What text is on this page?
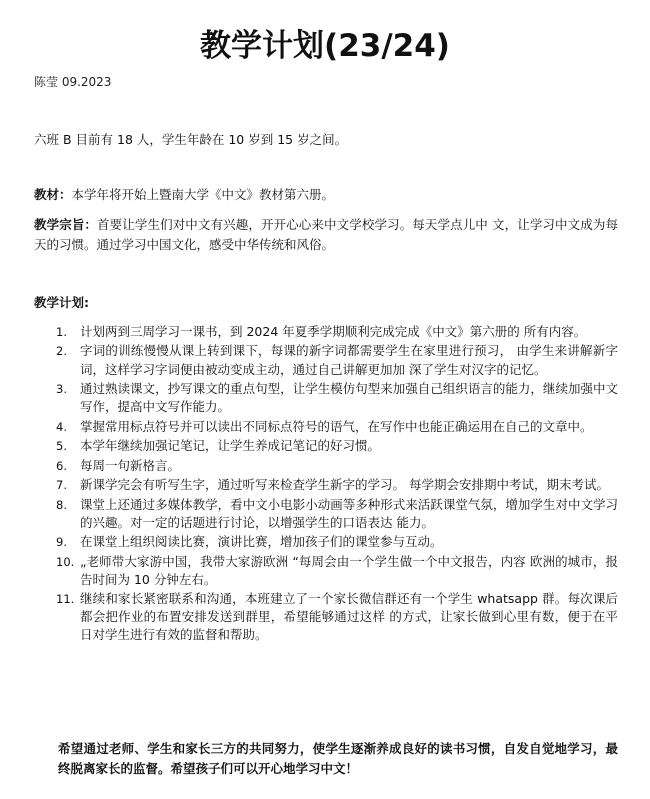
教学计划(23/24)
陈莹 09.2023
六班 B 目前有 18 人，学生年龄在 10 岁到 15 岁之间。
教材：本学年将开始上暨南大学《中文》教材第六册。
教学宗旨：首要让学生们对中文有兴趣，开开心心来中文学校学习。每天学点儿中 文，让学习中文成为每天的习惯。通过学习中国文化，感受中华传统和风俗。
教学计划:
1. 计划两到三周学习一课书，到 2024 年夏季学期顺利完成完成《中文》第六册的 所有内容。
2. 字词的训练慢慢从课上转到课下，每课的新字词都需要学生在家里进行预习， 由学生来讲解新字词，这样学习字词便由被动变成主动，通过自己讲解更加加 深了学生对汉字的记忆。
3. 通过熟读课文，抄写课文的重点句型，让学生模仿句型来加强自己组织语言的能力，继续加强中文写作，提高中文写作能力。
4. 掌握常用标点符号并可以读出不同标点符号的语气，在写作中也能正确运用在自己的文章中。
5. 本学年继续加强记笔记，让学生养成记笔记的好习惯。
6. 每周一句新格言。
7. 新课学完会有听写生字，通过听写来检查学生新字的学习。 每学期会安排期中考试，期末考试。
8. 课堂上还通过多媒体教学，看中文小电影小动画等多种形式来活跃课堂气氛，增加学生对中文学习的兴趣。对一定的话题进行讨论，以增强学生的口语表达 能力。
9. 在课堂上组织阅读比赛，演讲比赛，增加孩子们的课堂参与互动。
10. „老师带大家游中国，我带大家游欧洲 “每周会由一个学生做一个中文报告，内容 欧洲的城市，报告时间为 10 分钟左右。
11. 继续和家长紧密联系和沟通，本班建立了一个家长微信群还有一个学生 whatsapp 群。每次课后都会把作业的布置安排发送到群里，希望能够通过这样 的方式，让家长做到心里有数，便于在平日对学生进行有效的监督和帮助。
希望通过老师、学生和家长三方的共同努力，使学生逐渐养成良好的读书习惯，自发自觉地学习，最终脱离家长的监督。希望孩子们可以开心地学习中文！
